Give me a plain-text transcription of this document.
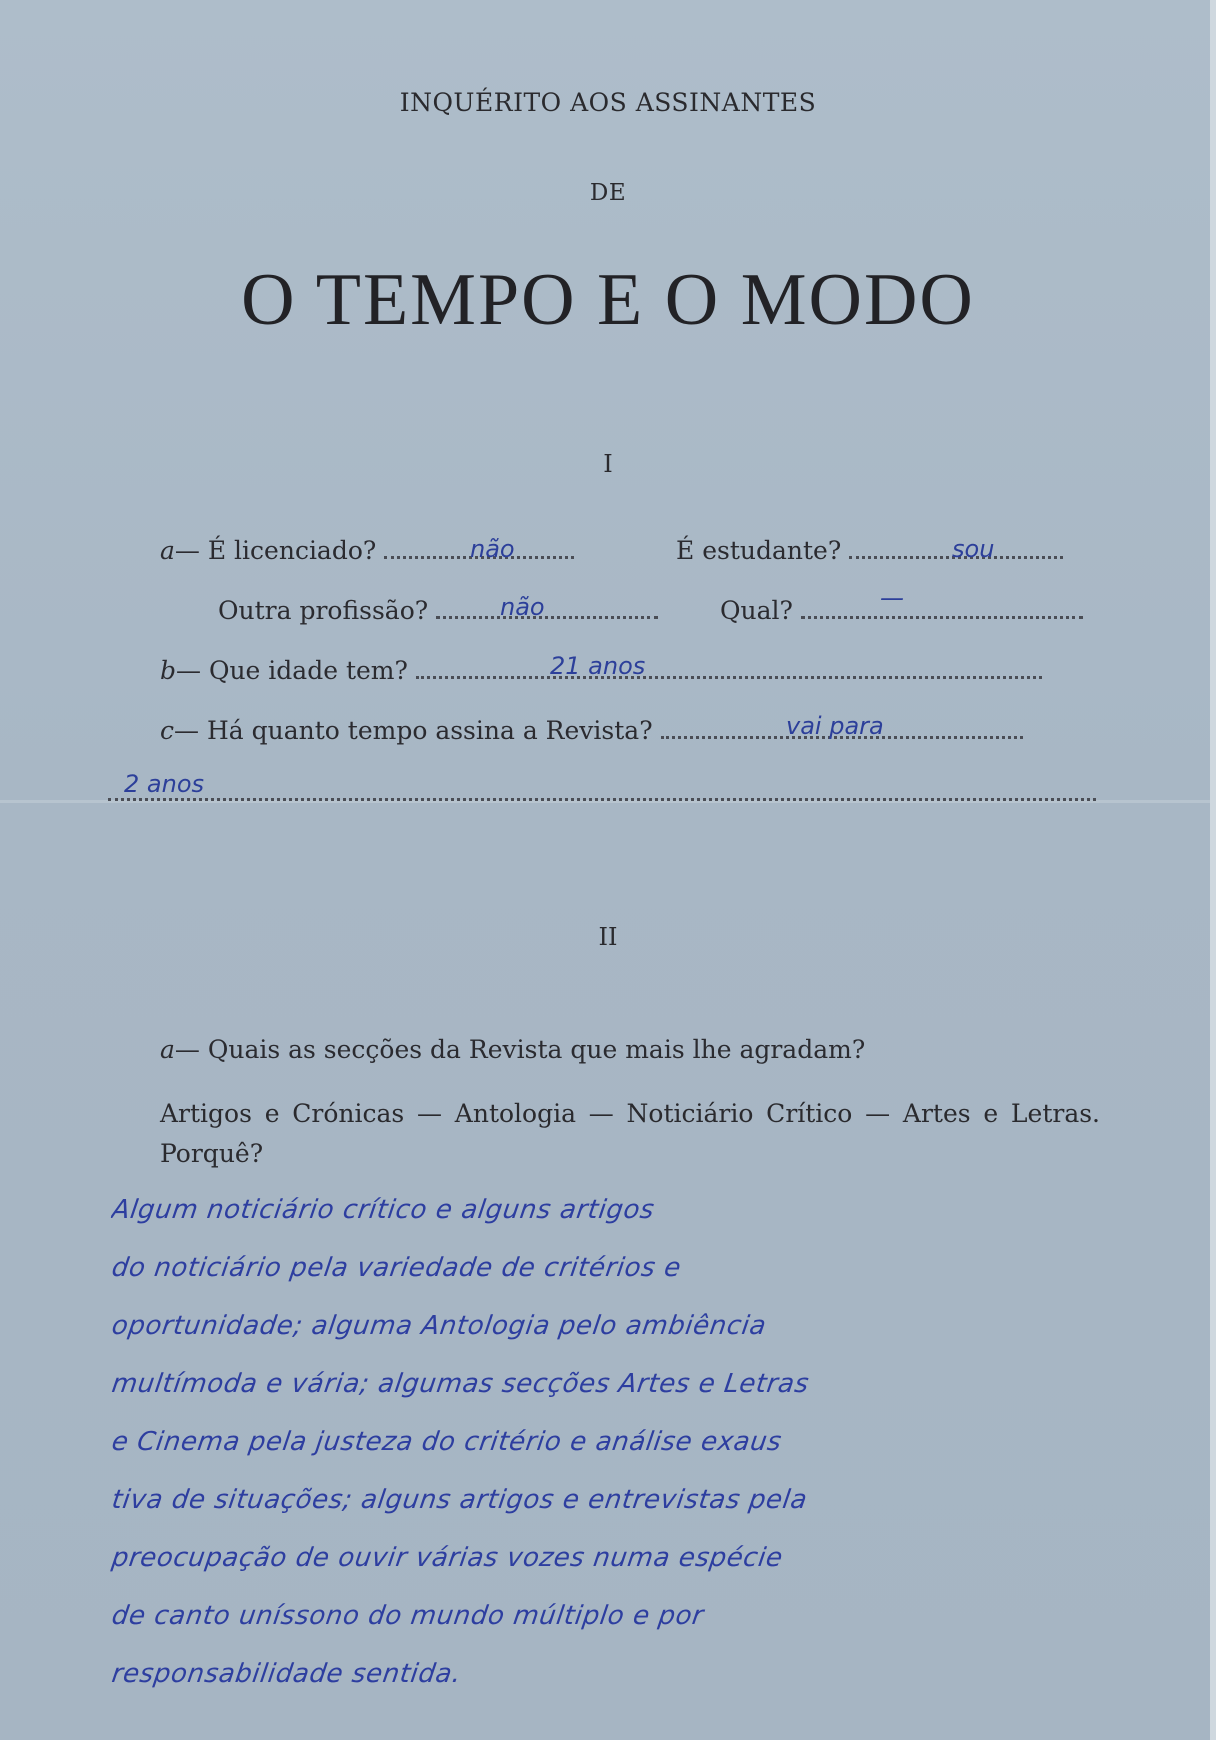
INQUÉRITO AOS ASSINANTES
DE
O TEMPO E O MODO
I
a— É licenciado?	não	É estudante?	sou
Outra profissão?	não	Qual?	—
b— Que idade tem?	21 anos
c— Há quanto tempo assina a Revista?	vai para
2 anos
II
a— Quais as secções da Revista que mais lhe agradam?
Artigos e Crónicas — Antologia — Noticiário Crítico — Artes e Letras. Porquê?
Algum noticiário crítico e alguns artigos
do noticiário pela variedade de critérios e
oportunidade; alguma Antologia pelo ambiência
multímoda e vária; algumas secções Artes e Letras
e Cinema pela justeza do critério e análise exaus
tiva de situações; alguns artigos e entrevistas pela
preocupação de ouvir várias vozes numa espécie
de canto uníssono do mundo múltiplo e por
responsabilidade sentida.
